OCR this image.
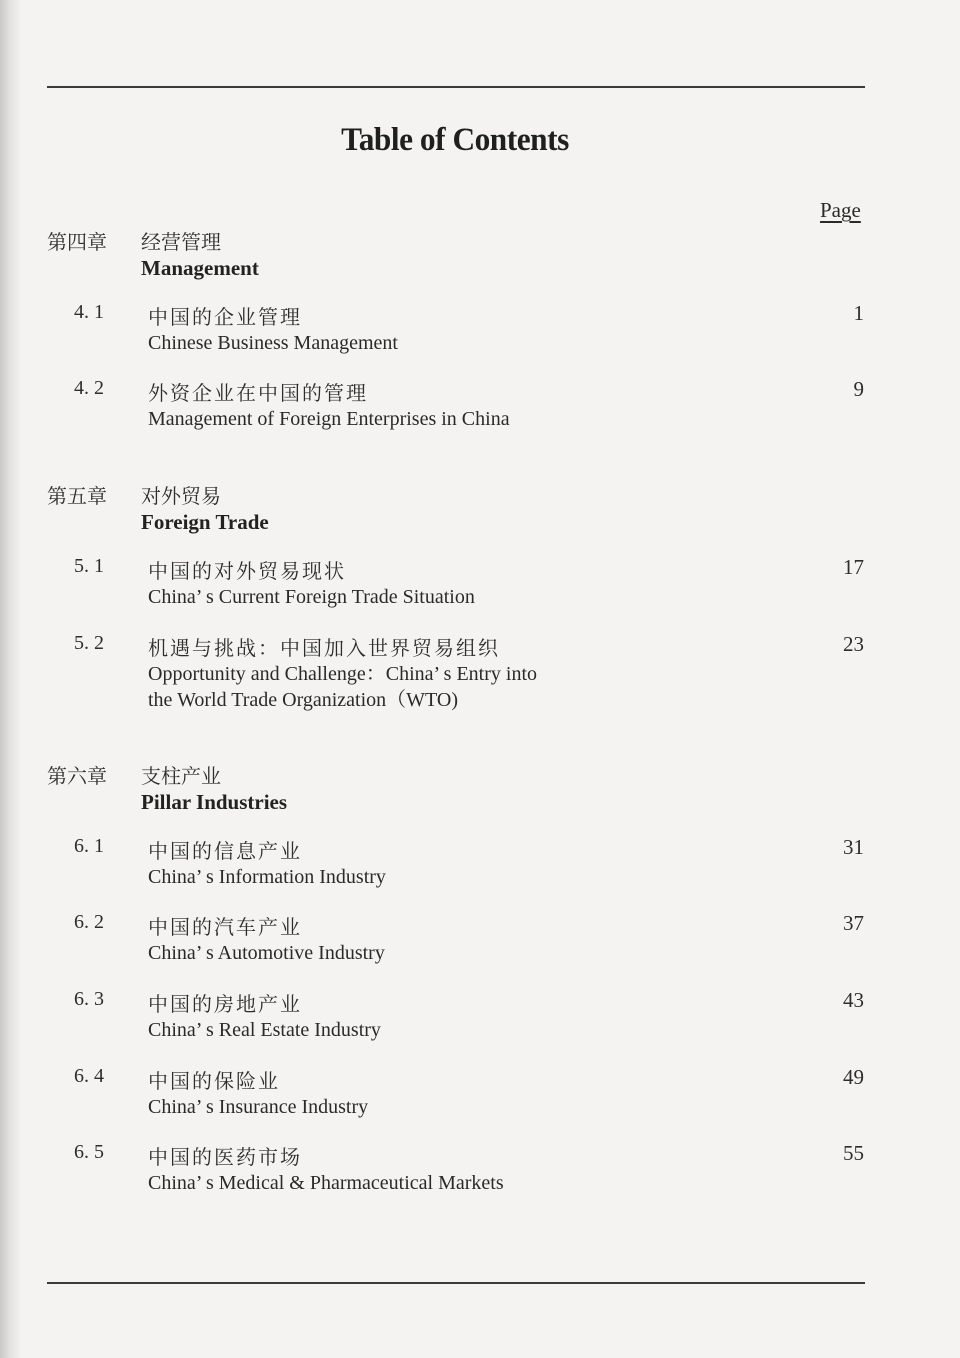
Table of Contents
Page
第四章 经营管理
Management
4. 1 中国的企业管理
Chinese Business Management
1
4. 2 外资企业在中国的管理
Management of Foreign Enterprises in China
9
第五章 对外贸易
Foreign Trade
5. 1 中国的对外贸易现状
China’ s Current Foreign Trade Situation
17
5. 2 机遇与挑战：中国加入世界贸易组织
Opportunity and Challenge：China’ s Entry into
the World Trade Organization（WTO)
23
第六章 支柱产业
Pillar Industries
6. 1 中国的信息产业
China’ s Information Industry
31
6. 2 中国的汽车产业
China’ s Automotive Industry
37
6. 3 中国的房地产业
China’ s Real Estate Industry
43
6. 4 中国的保险业
China’ s Insurance Industry
49
6. 5 中国的医药市场
China’ s Medical & Pharmaceutical Markets
55
